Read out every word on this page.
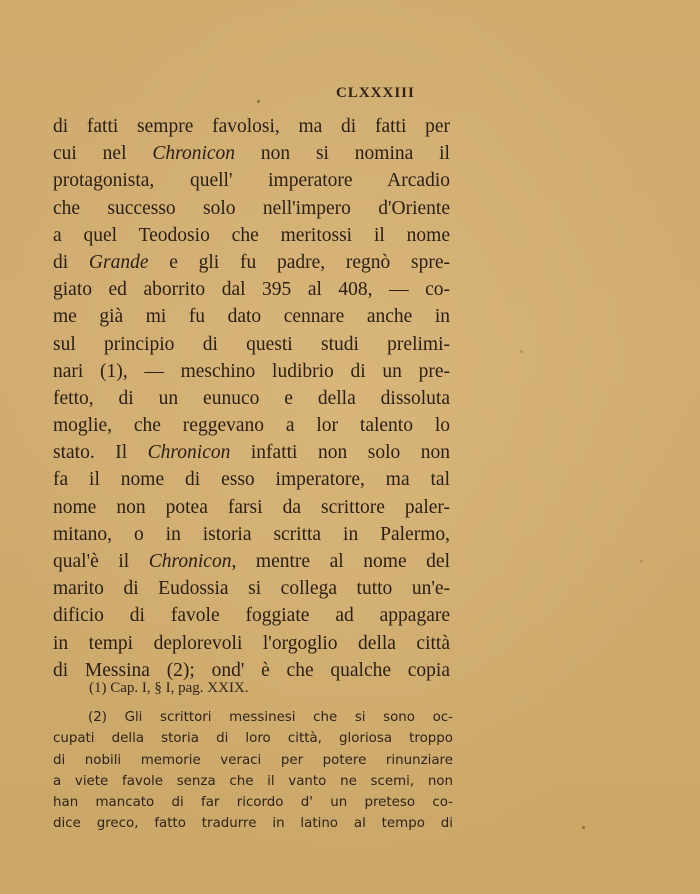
CLXXXIII
di fatti sempre favolosi, ma di fatti per
cui nel Chronicon non si nomina il
protagonista, quell' imperatore Arcadio
che successo solo nell'impero d'Oriente
a quel Teodosio che meritossi il nome
di Grande e gli fu padre, regnò spre-
giato ed aborrito dal 395 al 408, — co-
me già mi fu dato cennare anche in
sul principio di questi studi prelimi-
nari (1), — meschino ludibrio di un pre-
fetto, di un eunuco e della dissoluta
moglie, che reggevano a lor talento lo
stato. Il Chronicon infatti non solo non
fa il nome di esso imperatore, ma tal
nome non potea farsi da scrittore paler-
mitano, o in istoria scritta in Palermo,
qual'è il Chronicon, mentre al nome del
marito di Eudossia si collega tutto un'e-
dificio di favole foggiate ad appagare
in tempi deplorevoli l'orgoglio della città
di Messina (2); ond' è che qualche copia
(1) Cap. I, § I, pag. XXIX.
(2) Gli scrittori messinesi che si sono oc-
cupati della storia di loro città, gloriosa troppo
di nobili memorie veraci per potere rinunziare
a viete favole senza che il vanto ne scemi, non
han mancato di far ricordo d' un preteso co-
dice greco, fatto tradurre in latino al tempo di
